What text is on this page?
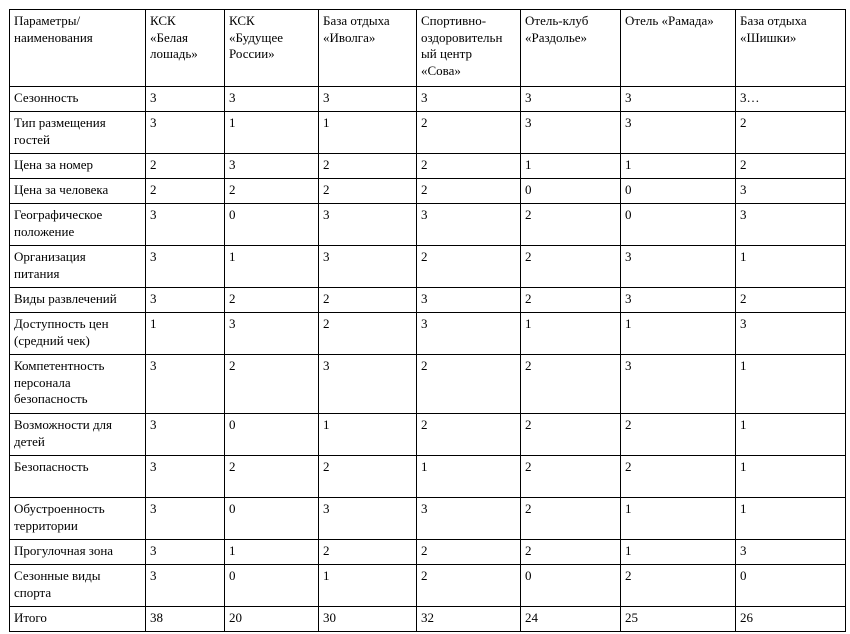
Параметры/
наименования	КСК
«Белая
лошадь»	КСК
«Будущее
России»	База отдыха
«Иволга»	Спортивно-
оздоровительн
ый центр
«Сова»	Отель-клуб
«Раздолье»	Отель «Рамада»	База отдыха
«Шишки»
Сезонность	3	3	3	3	3	3	3…
Тип размещения
гостей	3	1	1	2	3	3	2
Цена за номер	2	3	2	2	1	1	2
Цена за человека	2	2	2	2	0	0	3
Географическое
положение	3	0	3	3	2	0	3
Организация
питания	3	1	3	2	2	3	1
Виды развлечений	3	2	2	3	2	3	2
Доступность цен
(средний чек)	1	3	2	3	1	1	3
Компетентность
персонала
безопасность	3	2	3	2	2	3	1
Возможности для
детей	3	0	1	2	2	2	1
Безопасность	3	2	2	1	2	2	1
Обустроенность
территории	3	0	3	3	2	1	1
Прогулочная зона	3	1	2	2	2	1	3
Сезонные виды
спорта	3	0	1	2	0	2	0
Итого	38	20	30	32	24	25	26
